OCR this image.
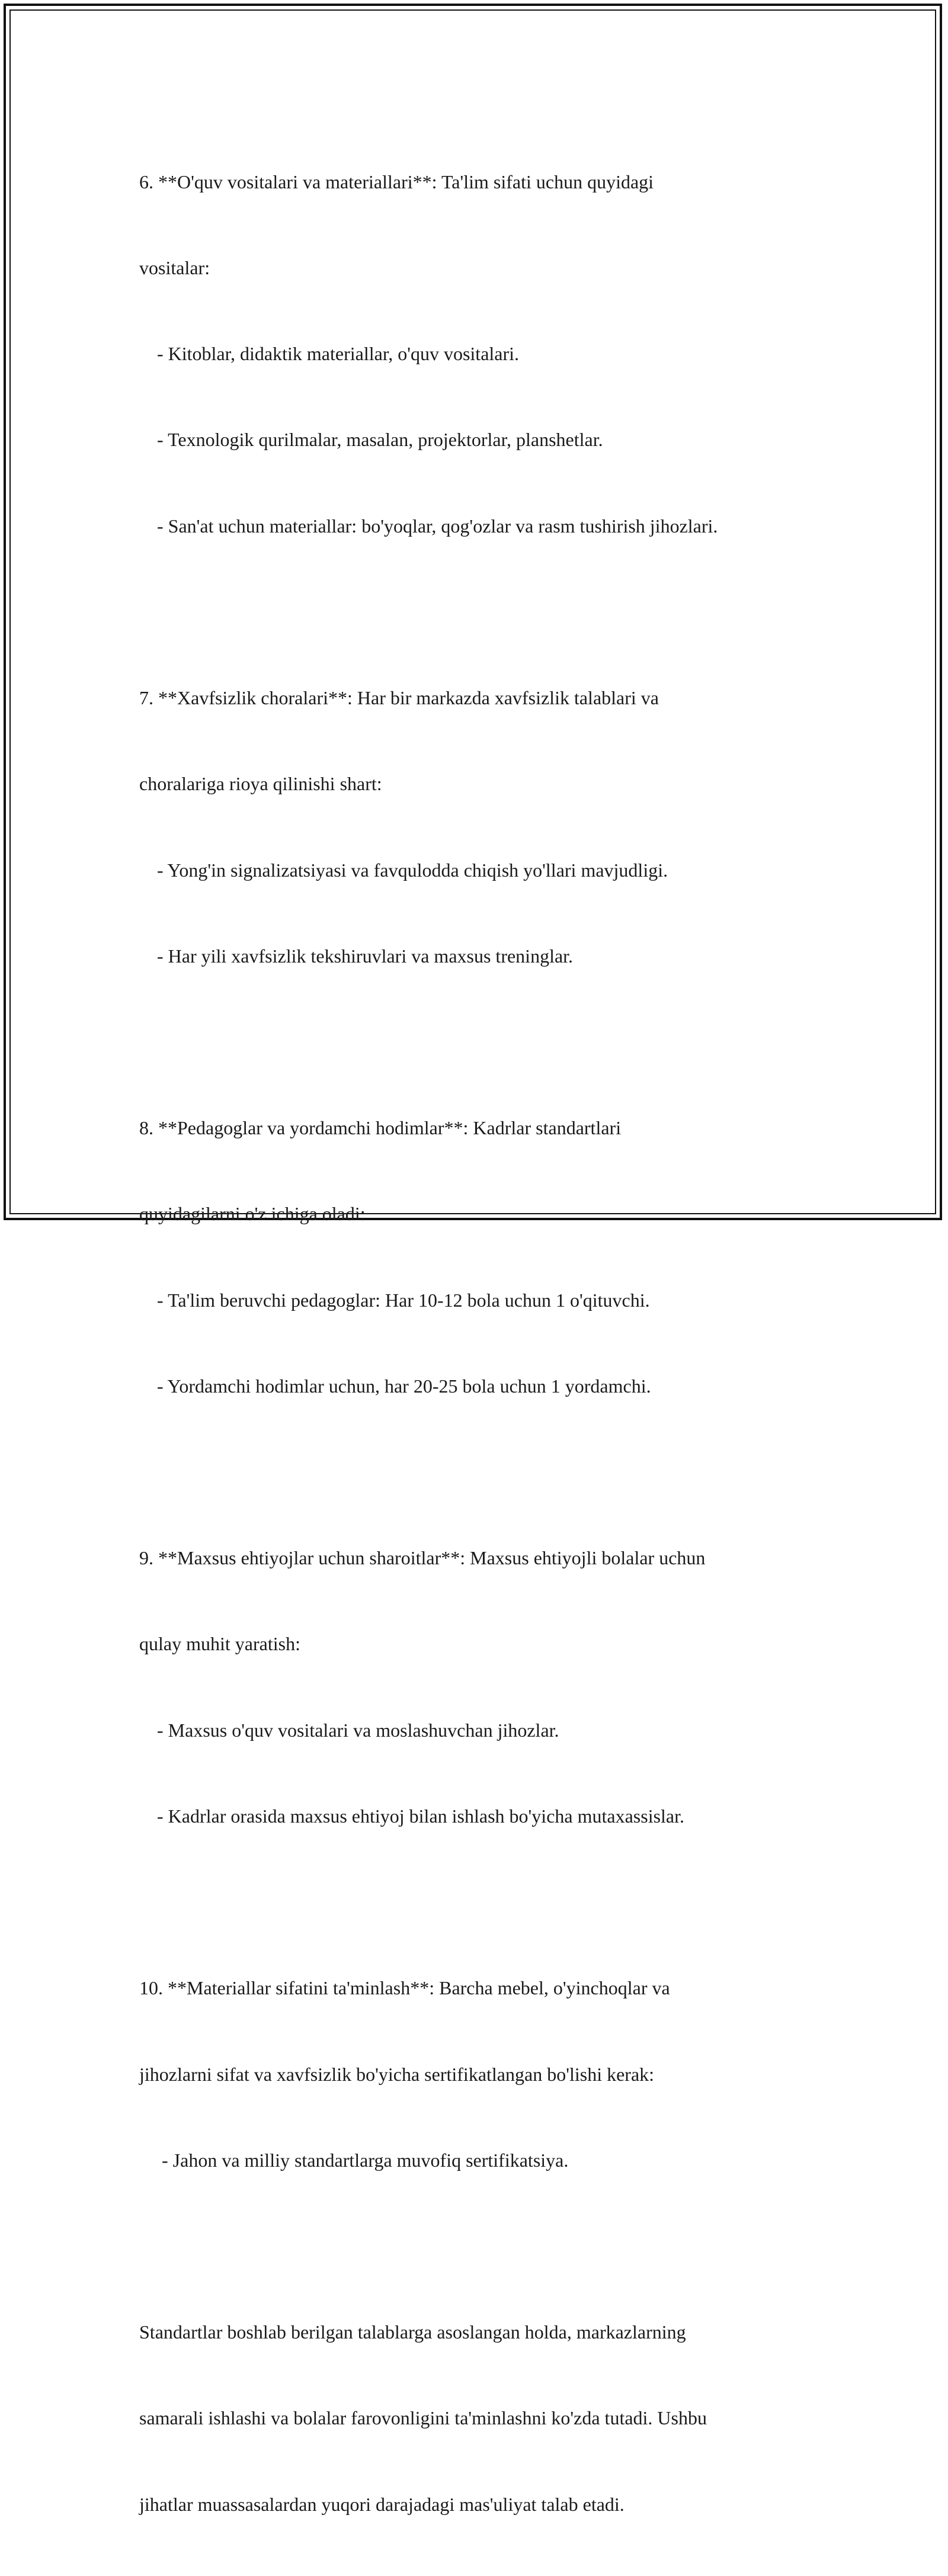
6. **O'quv vositalari va materiallari**: Ta'lim sifati uchun quyidagi

vositalar:

- Kitoblar, didaktik materiallar, o'quv vositalari.

- Texnologik qurilmalar, masalan, projektorlar, planshetlar.

- San'at uchun materiallar: bo'yoqlar, qog'ozlar va rasm tushirish jihozlari.

7. **Xavfsizlik choralari**: Har bir markazda xavfsizlik talablari va

choralariga rioya qilinishi shart:

- Yong'in signalizatsiyasi va favqulodda chiqish yo'llari mavjudligi.

- Har yili xavfsizlik tekshiruvlari va maxsus treninglar.

8. **Pedagoglar va yordamchi hodimlar**: Kadrlar standartlari

quyidagilarni o'z ichiga oladi:

- Ta'lim beruvchi pedagoglar: Har 10-12 bola uchun 1 o'qituvchi.

- Yordamchi hodimlar uchun, har 20-25 bola uchun 1 yordamchi.

9. **Maxsus ehtiyojlar uchun sharoitlar**: Maxsus ehtiyojli bolalar uchun

qulay muhit yaratish:

- Maxsus o'quv vositalari va moslashuvchan jihozlar.

- Kadrlar orasida maxsus ehtiyoj bilan ishlash bo'yicha mutaxassislar.

10. **Materiallar sifatini ta'minlash**: Barcha mebel, o'yinchoqlar va

jihozlarni sifat va xavfsizlik bo'yicha sertifikatlangan bo'lishi kerak:

- Jahon va milliy standartlarga muvofiq sertifikatsiya.

Standartlar boshlab berilgan talablarga asoslangan holda, markazlarning

samarali ishlashi va bolalar farovonligini ta'minlashni ko'zda tutadi. Ushbu

jihatlar muassasalardan yuqori darajadagi mas'uliyat talab etadi.
